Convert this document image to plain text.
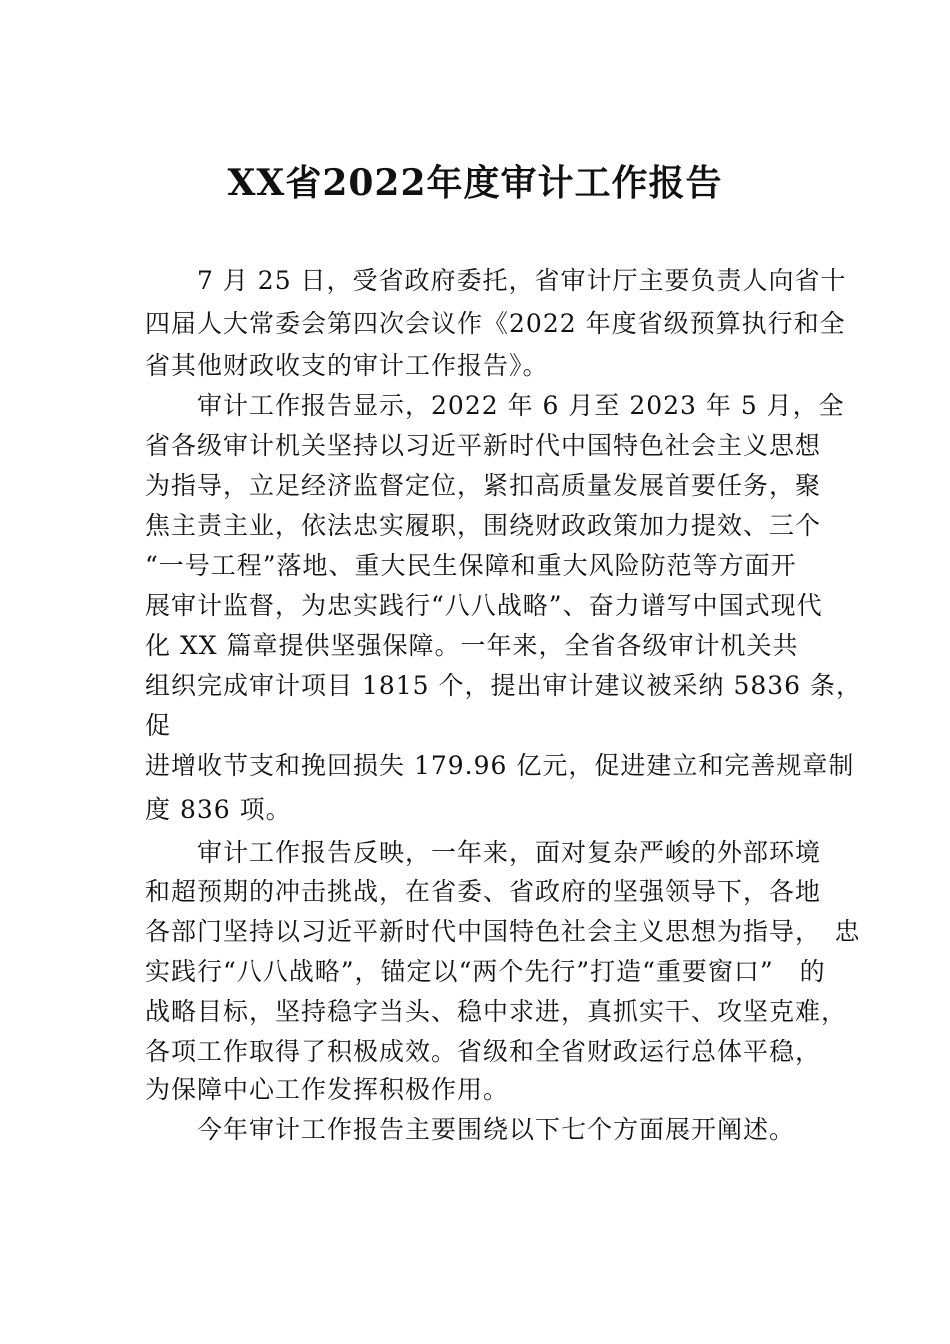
XX省2022年度审计工作报告
　　7 月 25 日，受省政府委托，省审计厅主要负责人向省十
四届人大常委会第四次会议作《2022 年度省级预算执行和全
省其他财政收支的审计工作报告》。
　　审计工作报告显示，2022 年 6 月至 2023 年 5 月，全
省各级审计机关坚持以习近平新时代中国特色社会主义思想
为指导，立足经济监督定位，紧扣高质量发展首要任务，聚
焦主责主业，依法忠实履职，围绕财政政策加力提效、三个
“一号工程”落地、重大民生保障和重大风险防范等方面开
展审计监督，为忠实践行“八八战略”、奋力谱写中国式现代
化 XX 篇章提供坚强保障。一年来，全省各级审计机关共
组织完成审计项目 1815 个，提出审计建议被采纳 5836 条，
促
进增收节支和挽回损失 179.96 亿元，促进建立和完善规章制
度 836 项。
　　审计工作报告反映，一年来，面对复杂严峻的外部环境
和超预期的冲击挑战，在省委、省政府的坚强领导下，各地
各部门坚持以习近平新时代中国特色社会主义思想为指导，　忠
实践行“八八战略”，锚定以“两个先行”打造“重要窗口”　的
战略目标，坚持稳字当头、稳中求进，真抓实干、攻坚克难，
各项工作取得了积极成效。省级和全省财政运行总体平稳，
为保障中心工作发挥积极作用。
　　今年审计工作报告主要围绕以下七个方面展开阐述。
